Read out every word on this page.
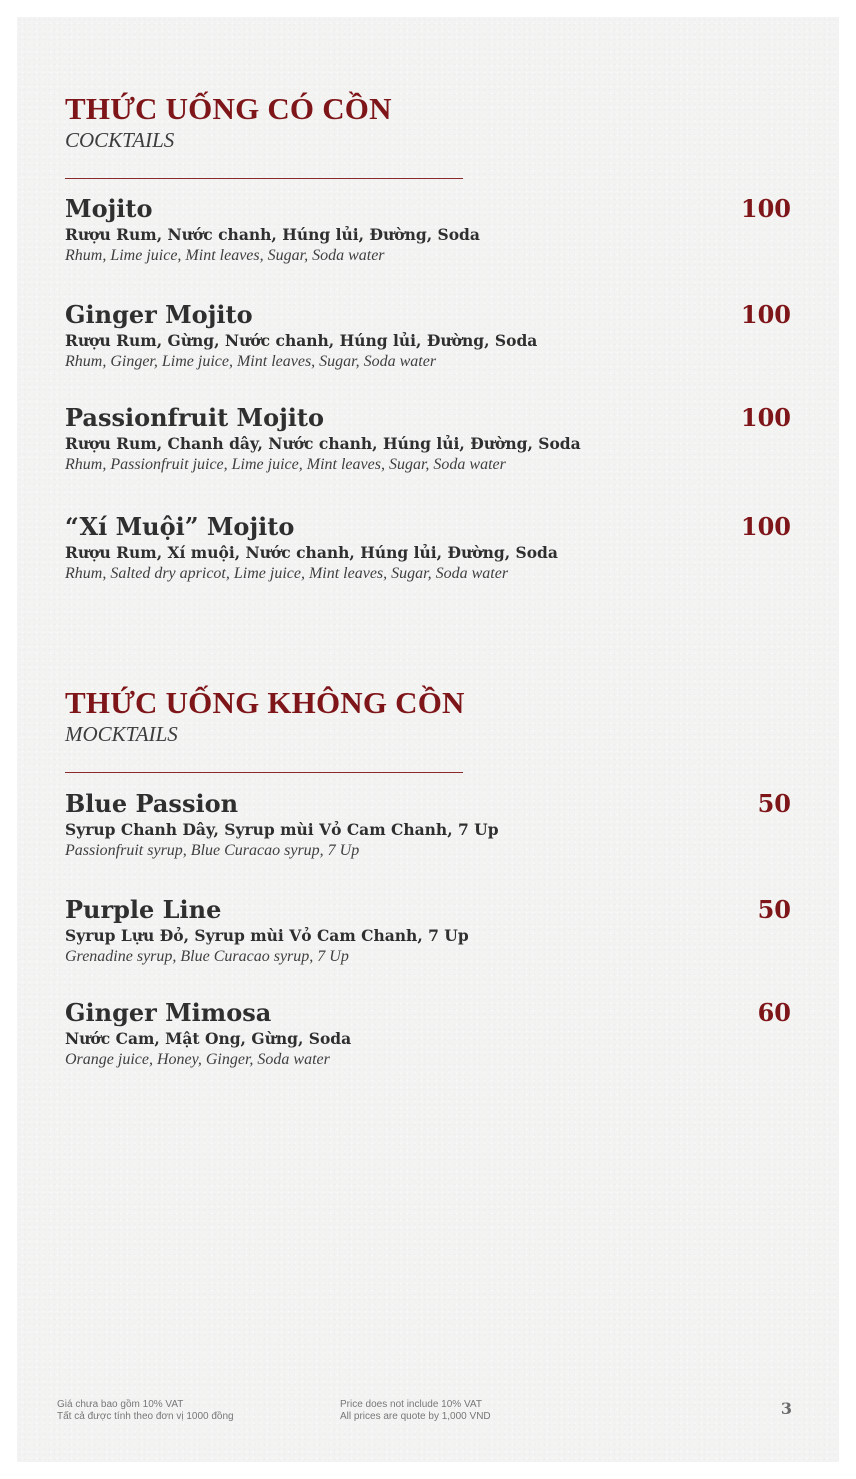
THỨC UỐNG CÓ CỒN

COCKTAILS

Mojito	100
Rượu Rum, Nước chanh, Húng lủi, Đường, Soda
Rhum, Lime juice, Mint leaves, Sugar, Soda water
Ginger Mojito	100
Rượu Rum, Gừng, Nước chanh, Húng lủi, Đường, Soda
Rhum, Ginger, Lime juice, Mint leaves, Sugar, Soda water
Passionfruit Mojito	100
Rượu Rum, Chanh dây, Nước chanh, Húng lủi, Đường, Soda
Rhum, Passionfruit juice, Lime juice, Mint leaves, Sugar, Soda water
“Xí Muội” Mojito	100
Rượu Rum, Xí muội, Nước chanh, Húng lủi, Đường, Soda
Rhum, Salted dry apricot, Lime juice, Mint leaves, Sugar, Soda water
THỨC UỐNG KHÔNG CỒN

MOCKTAILS

Blue Passion	50
Syrup Chanh Dây, Syrup mùi Vỏ Cam Chanh, 7 Up
Passionfruit syrup, Blue Curacao syrup, 7 Up
Purple Line	50
Syrup Lựu Đỏ, Syrup mùi Vỏ Cam Chanh, 7 Up
Grenadine syrup, Blue Curacao syrup, 7 Up
Ginger Mimosa	60
Nước Cam, Mật Ong, Gừng, Soda
Orange juice, Honey, Ginger, Soda water
Giá chưa bao gồm 10% VAT
Tất cả được tính theo đơn vị 1000 đồng
Price does not include 10% VAT
All prices are quote by 1,000 VND	3
